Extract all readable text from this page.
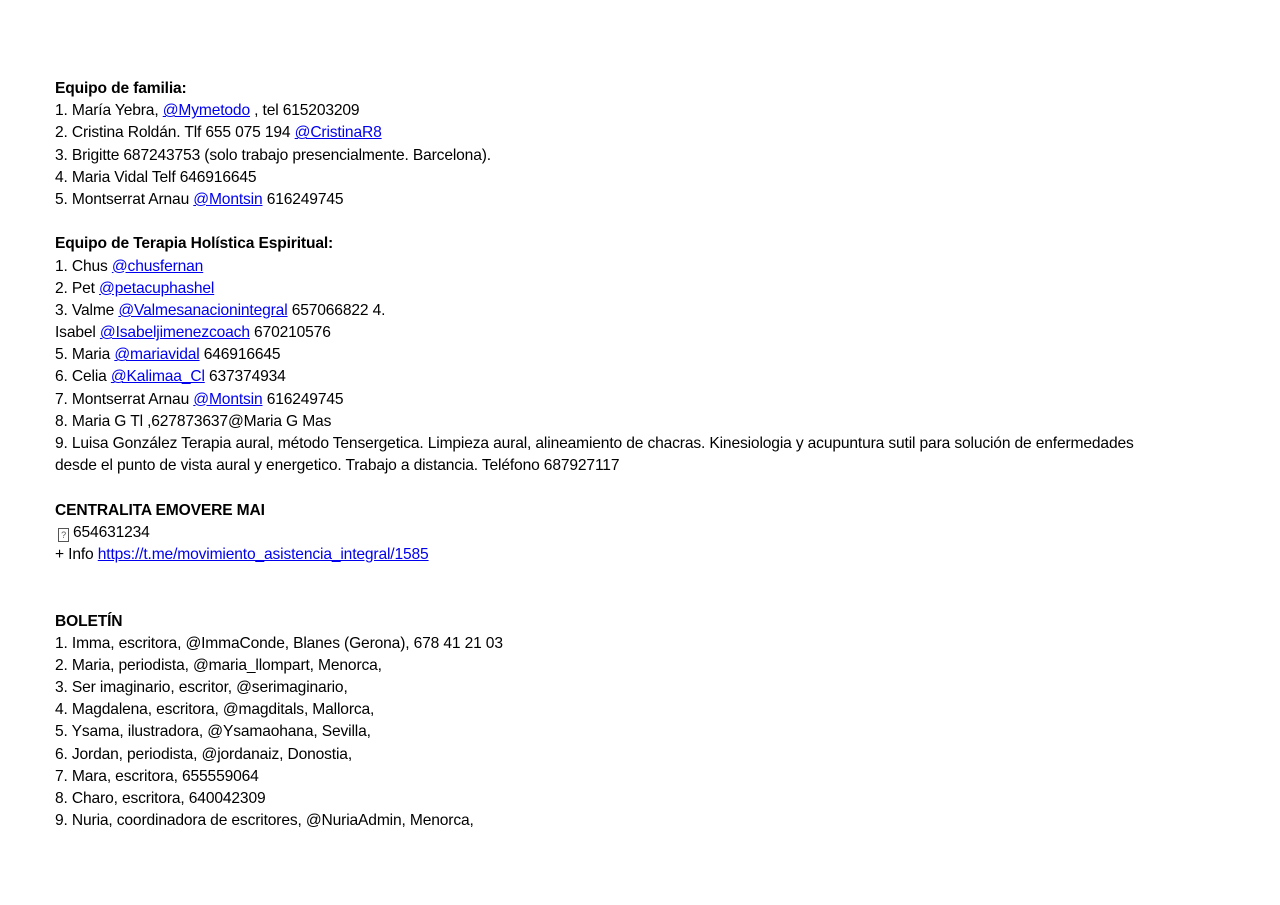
Equipo de familia:
1. María Yebra, @Mymetodo , tel 615203209
2. Cristina Roldán. Tlf 655 075 194 @CristinaR8
3. Brigitte 687243753 (solo trabajo presencialmente. Barcelona).
4. Maria Vidal Telf 646916645
5. Montserrat Arnau @Montsin 616249745
Equipo de Terapia Holística Espiritual:
1. Chus @chusfernan
2. Pet @petacuphashel
3. Valme @Valmesanacionintegral 657066822 4.
Isabel @Isabeljimenezcoach 670210576
5. Maria @mariavidal 646916645
6. Celia @Kalimaa_Cl 637374934
7. Montserrat Arnau @Montsin 616249745
8. Maria G Tl ,627873637@Maria G Mas
9. Luisa González Terapia aural, método Tensergetica. Limpieza aural, alineamiento de chacras. Kinesiologia y acupuntura sutil para solución de enfermedades desde el punto de vista aural y energetico. Trabajo a distancia. Teléfono 687927117
CENTRALITA EMOVERE MAI
? 654631234
+ Info https://t.me/movimiento_asistencia_integral/1585
BOLETÍN
1. Imma, escritora, @ImmaConde, Blanes (Gerona), 678 41 21 03
2. Maria, periodista, @maria_llompart, Menorca,
3. Ser imaginario, escritor, @serimaginario,
4. Magdalena, escritora, @magditals, Mallorca,
5. Ysama, ilustradora, @Ysamaohana, Sevilla,
6. Jordan, periodista, @jordanaiz, Donostia,
7. Mara, escritora, 655559064
8. Charo, escritora, 640042309
9. Nuria, coordinadora de escritores, @NuriaAdmin, Menorca,
